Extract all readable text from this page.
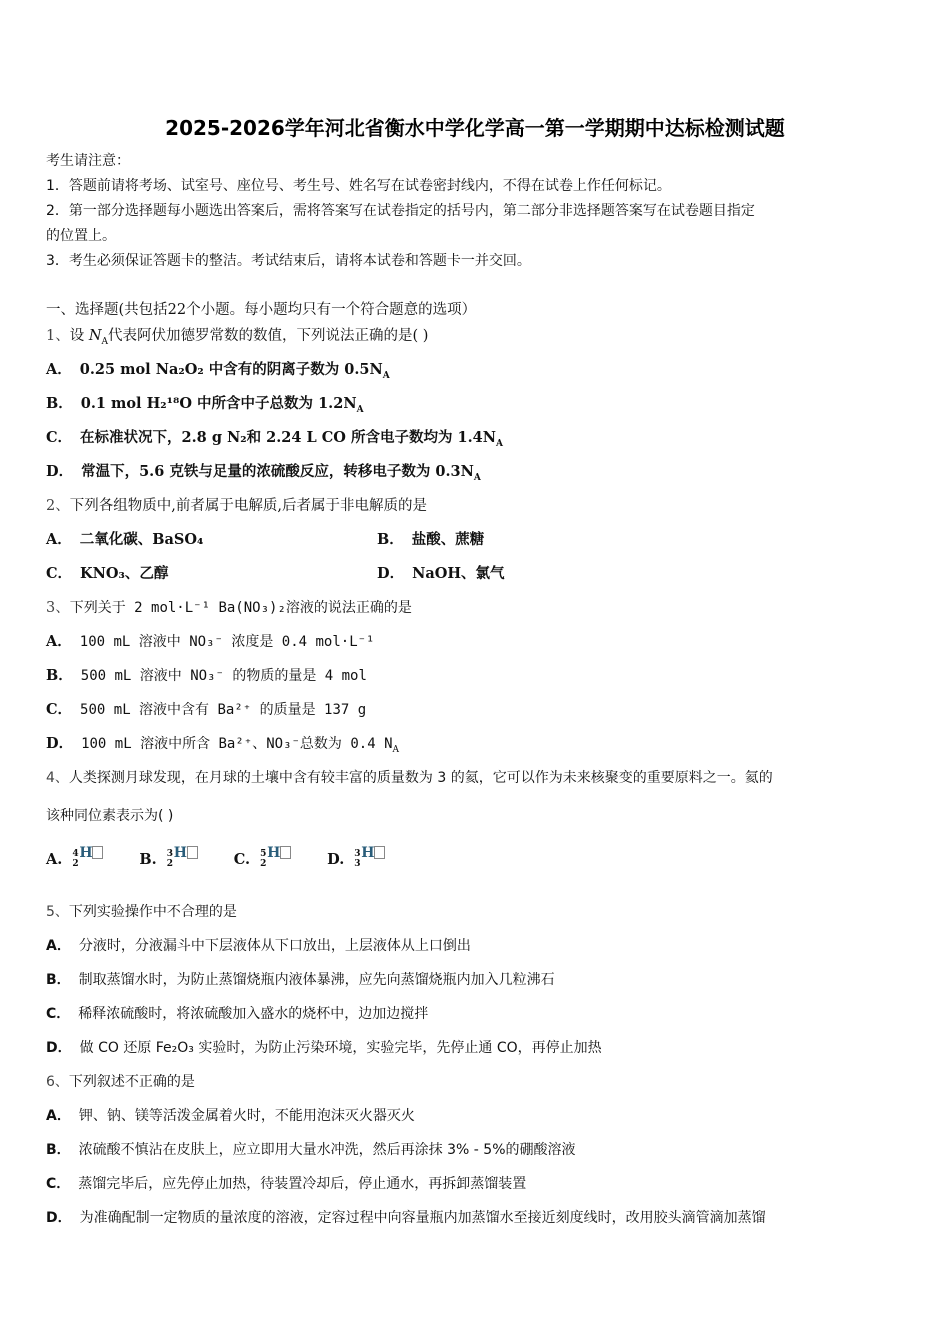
2025-2026学年河北省衡水中学化学高一第一学期期中达标检测试题
考生请注意：
1．答题前请将考场、试室号、座位号、考生号、姓名写在试卷密封线内，不得在试卷上作任何标记。
2．第一部分选择题每小题选出答案后，需将答案写在试卷指定的括号内，第二部分非选择题答案写在试卷题目指定
的位置上。
3．考生必须保证答题卡的整洁。考试结束后，请将本试卷和答题卡一并交回。
一、选择题(共包括22个小题。每小题均只有一个符合题意的选项）
1、设 $N_A$代表阿伏加德罗常数的数值，下列说法正确的是( )
A． 0.25 mol Na₂O₂ 中含有的阴离子数为 $0.5N_A$
B． 0.1 mol H₂¹⁸O 中所含中子总数为 $1.2N_A$
C． 在标准状况下，2.8 g N₂和 2.24 L CO 所含电子数均为 $1.4N_A$
D． 常温下，5.6 克铁与足量的浓硫酸反应，转移电子数为 $0.3N_A$
2、下列各组物质中,前者属于电解质,后者属于非电解质的是
A． 二氧化碳、BaSO₄	B． 盐酸、蔗糖
C． KNO₃、乙醇	D． NaOH、氯气
3、下列关于 2 mol·L⁻¹ Ba(NO₃)₂溶液的说法正确的是
A． 100 mL 溶液中 NO₃⁻ 浓度是 0.4 mol·L⁻¹
B． 500 mL 溶液中 NO₃⁻ 的物质的量是 4 mol
C． 500 mL 溶液中含有 Ba²⁺ 的质量是 137 g
D． 100 mL 溶液中所含 Ba²⁺、NO₃⁻总数为 0.4 $N_A$
4、人类探测月球发现，在月球的土壤中含有较丰富的质量数为 3 的氦，它可以作为未来核聚变的重要原料之一。氦的
该种同位素表示为( )
A. 4
2
H	B. 3
2
H	C. 5
2
H	D. 3
3
H
5、下列实验操作中不合理的是
A． 分液时，分液漏斗中下层液体从下口放出，上层液体从上口倒出
B． 制取蒸馏水时，为防止蒸馏烧瓶内液体暴沸，应先向蒸馏烧瓶内加入几粒沸石
C． 稀释浓硫酸时，将浓硫酸加入盛水的烧杯中，边加边搅拌
D． 做 CO 还原 Fe₂O₃ 实验时，为防止污染环境，实验完毕，先停止通 CO，再停止加热
6、下列叙述不正确的是
A． 钾、钠、镁等活泼金属着火时，不能用泡沫灭火器灭火
B． 浓硫酸不慎沾在皮肤上，应立即用大量水冲洗，然后再涂抹 3% - 5%的硼酸溶液
C． 蒸馏完毕后，应先停止加热，待装置冷却后，停止通水，再拆卸蒸馏装置
D． 为准确配制一定物质的量浓度的溶液，定容过程中向容量瓶内加蒸馏水至接近刻度线时，改用胶头滴管滴加蒸馏
